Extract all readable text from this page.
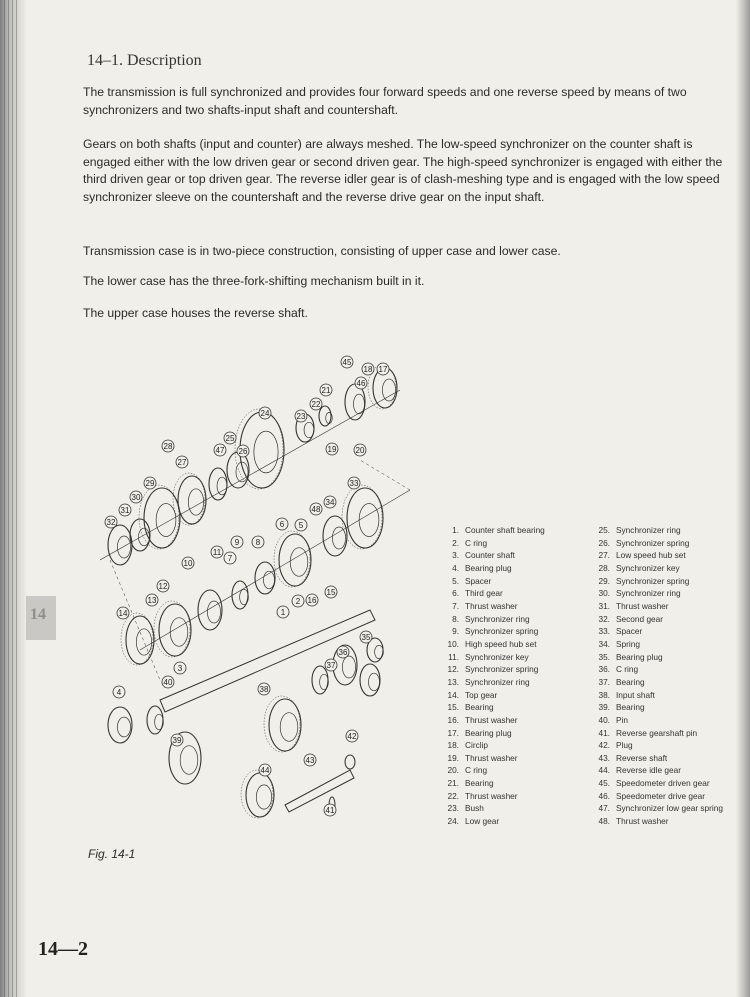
14
14–1. Description

The transmission is full synchronized and provides four forward speeds and one reverse speed by means of two synchronizers and two shafts-input shaft and countershaft.

Gears on both shafts (input and counter) are always meshed. The low-speed synchronizer on the counter shaft is engaged either with the low driven gear or second driven gear. The high-speed synchronizer is engaged with either the third driven gear or top driven gear. The reverse idler gear is of clash-meshing type and is engaged with the low speed synchronizer sleeve on the countershaft and the reverse drive gear on the input shaft.

Transmission case is in two-piece construction, consisting of upper case and lower case.

The lower case has the three-fork-shifting mechanism built in it.

The upper case houses the reverse shaft.

1
2
3
4
5
6
7
8
9
10
11
12
13
14
15
16
17
18
19 20
21
22
23
24
25
26
27
28
29
30
31
32
33
34
35
36
37
38
39
40
41
42
43
44
45
46
47
48
1. Counter shaft bearing
2. C ring
3. Counter shaft
4. Bearing plug
5. Spacer
6. Third gear
7. Thrust washer
8. Synchronizer ring
9. Synchronizer spring
10. High speed hub set
11. Synchronizer key
12. Synchronizer spring
13. Synchronizer ring
14. Top gear
15. Bearing
16. Thrust washer
17. Bearing plug
18. Circlip
19. Thrust washer
20. C ring
21. Bearing
22. Thrust washer
23. Bush
24. Low gear
25. Synchronizer ring
26. Synchronizer spring
27. Low speed hub set
28. Synchronizer key
29. Synchronizer spring
30. Synchronizer ring
31. Thrust washer
32. Second gear
33. Spacer
34. Spring
35. Bearing plug
36. C ring
37. Bearing
38. Input shaft
39. Bearing
40. Pin
41. Reverse gearshaft pin
42. Plug
43. Reverse shaft
44. Reverse idle gear
45. Speedometer driven gear
46. Speedometer drive gear
47. Synchronizer low gear spring
48. Thrust washer
Fig. 14-1
14—2
